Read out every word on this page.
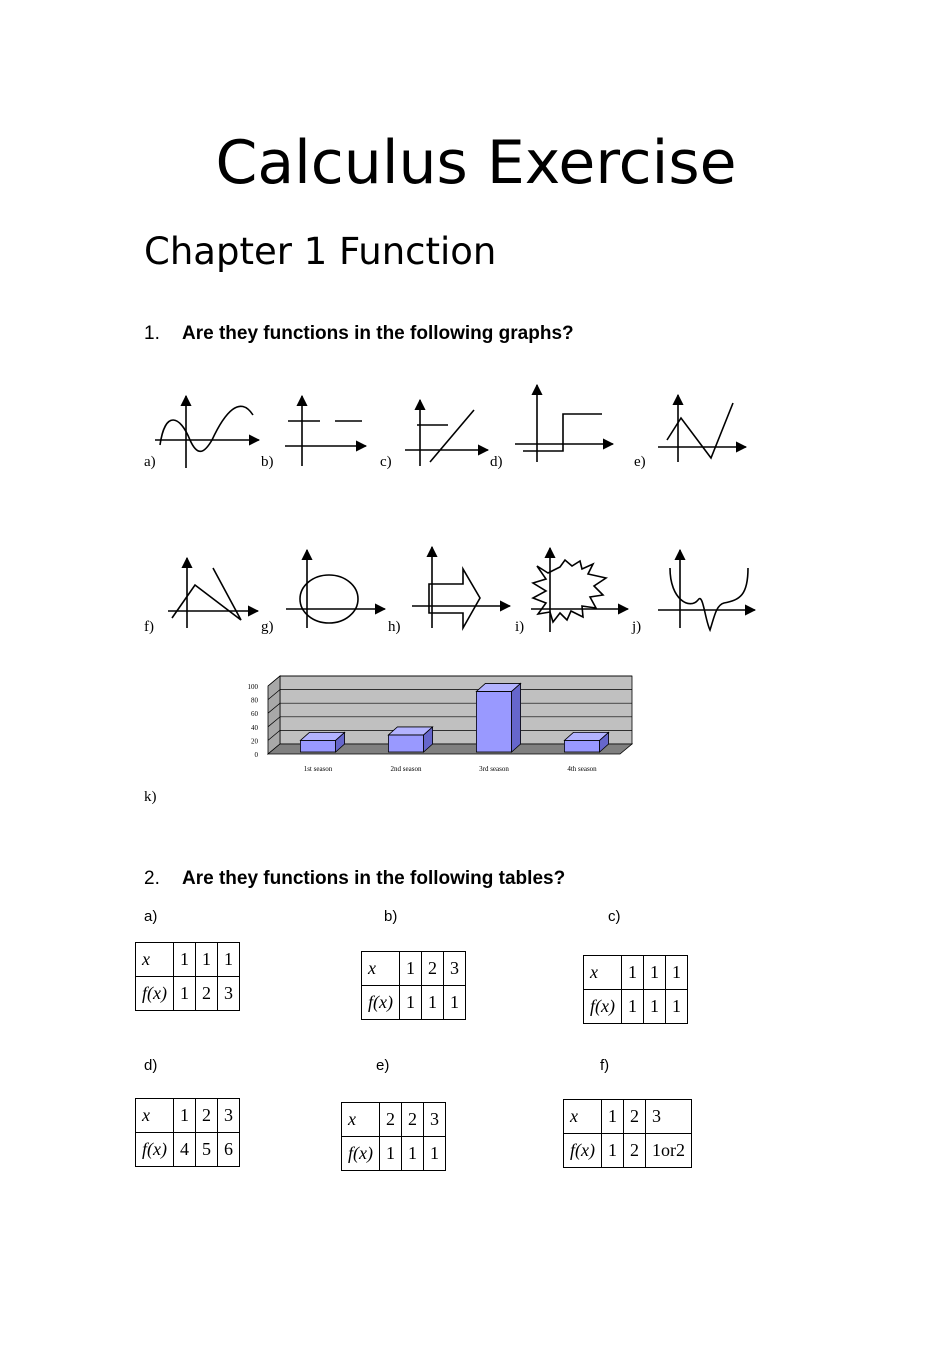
Calculus Exercise
Chapter 1 Function
1. Are they functions in the following graphs?
a)	b)	c)	d)	e)
f)	g)	h)	i)	j)
k)
0
20
40
60
80
100
1st season	2nd season	3rd season	4th season
2. Are they functions in the following tables?
a)	b)	c)
d)	e)	f)
x	1	1	1
f(x)	1	2	3
x	1	2	3
f(x)	1	1	1
x	1	1	1
f(x)	1	1	1
x	1	2	3
f(x)	4	5	6
x	2	2	3
f(x)	1	1	1
x	1	2	3
f(x)	1	2	1or2
